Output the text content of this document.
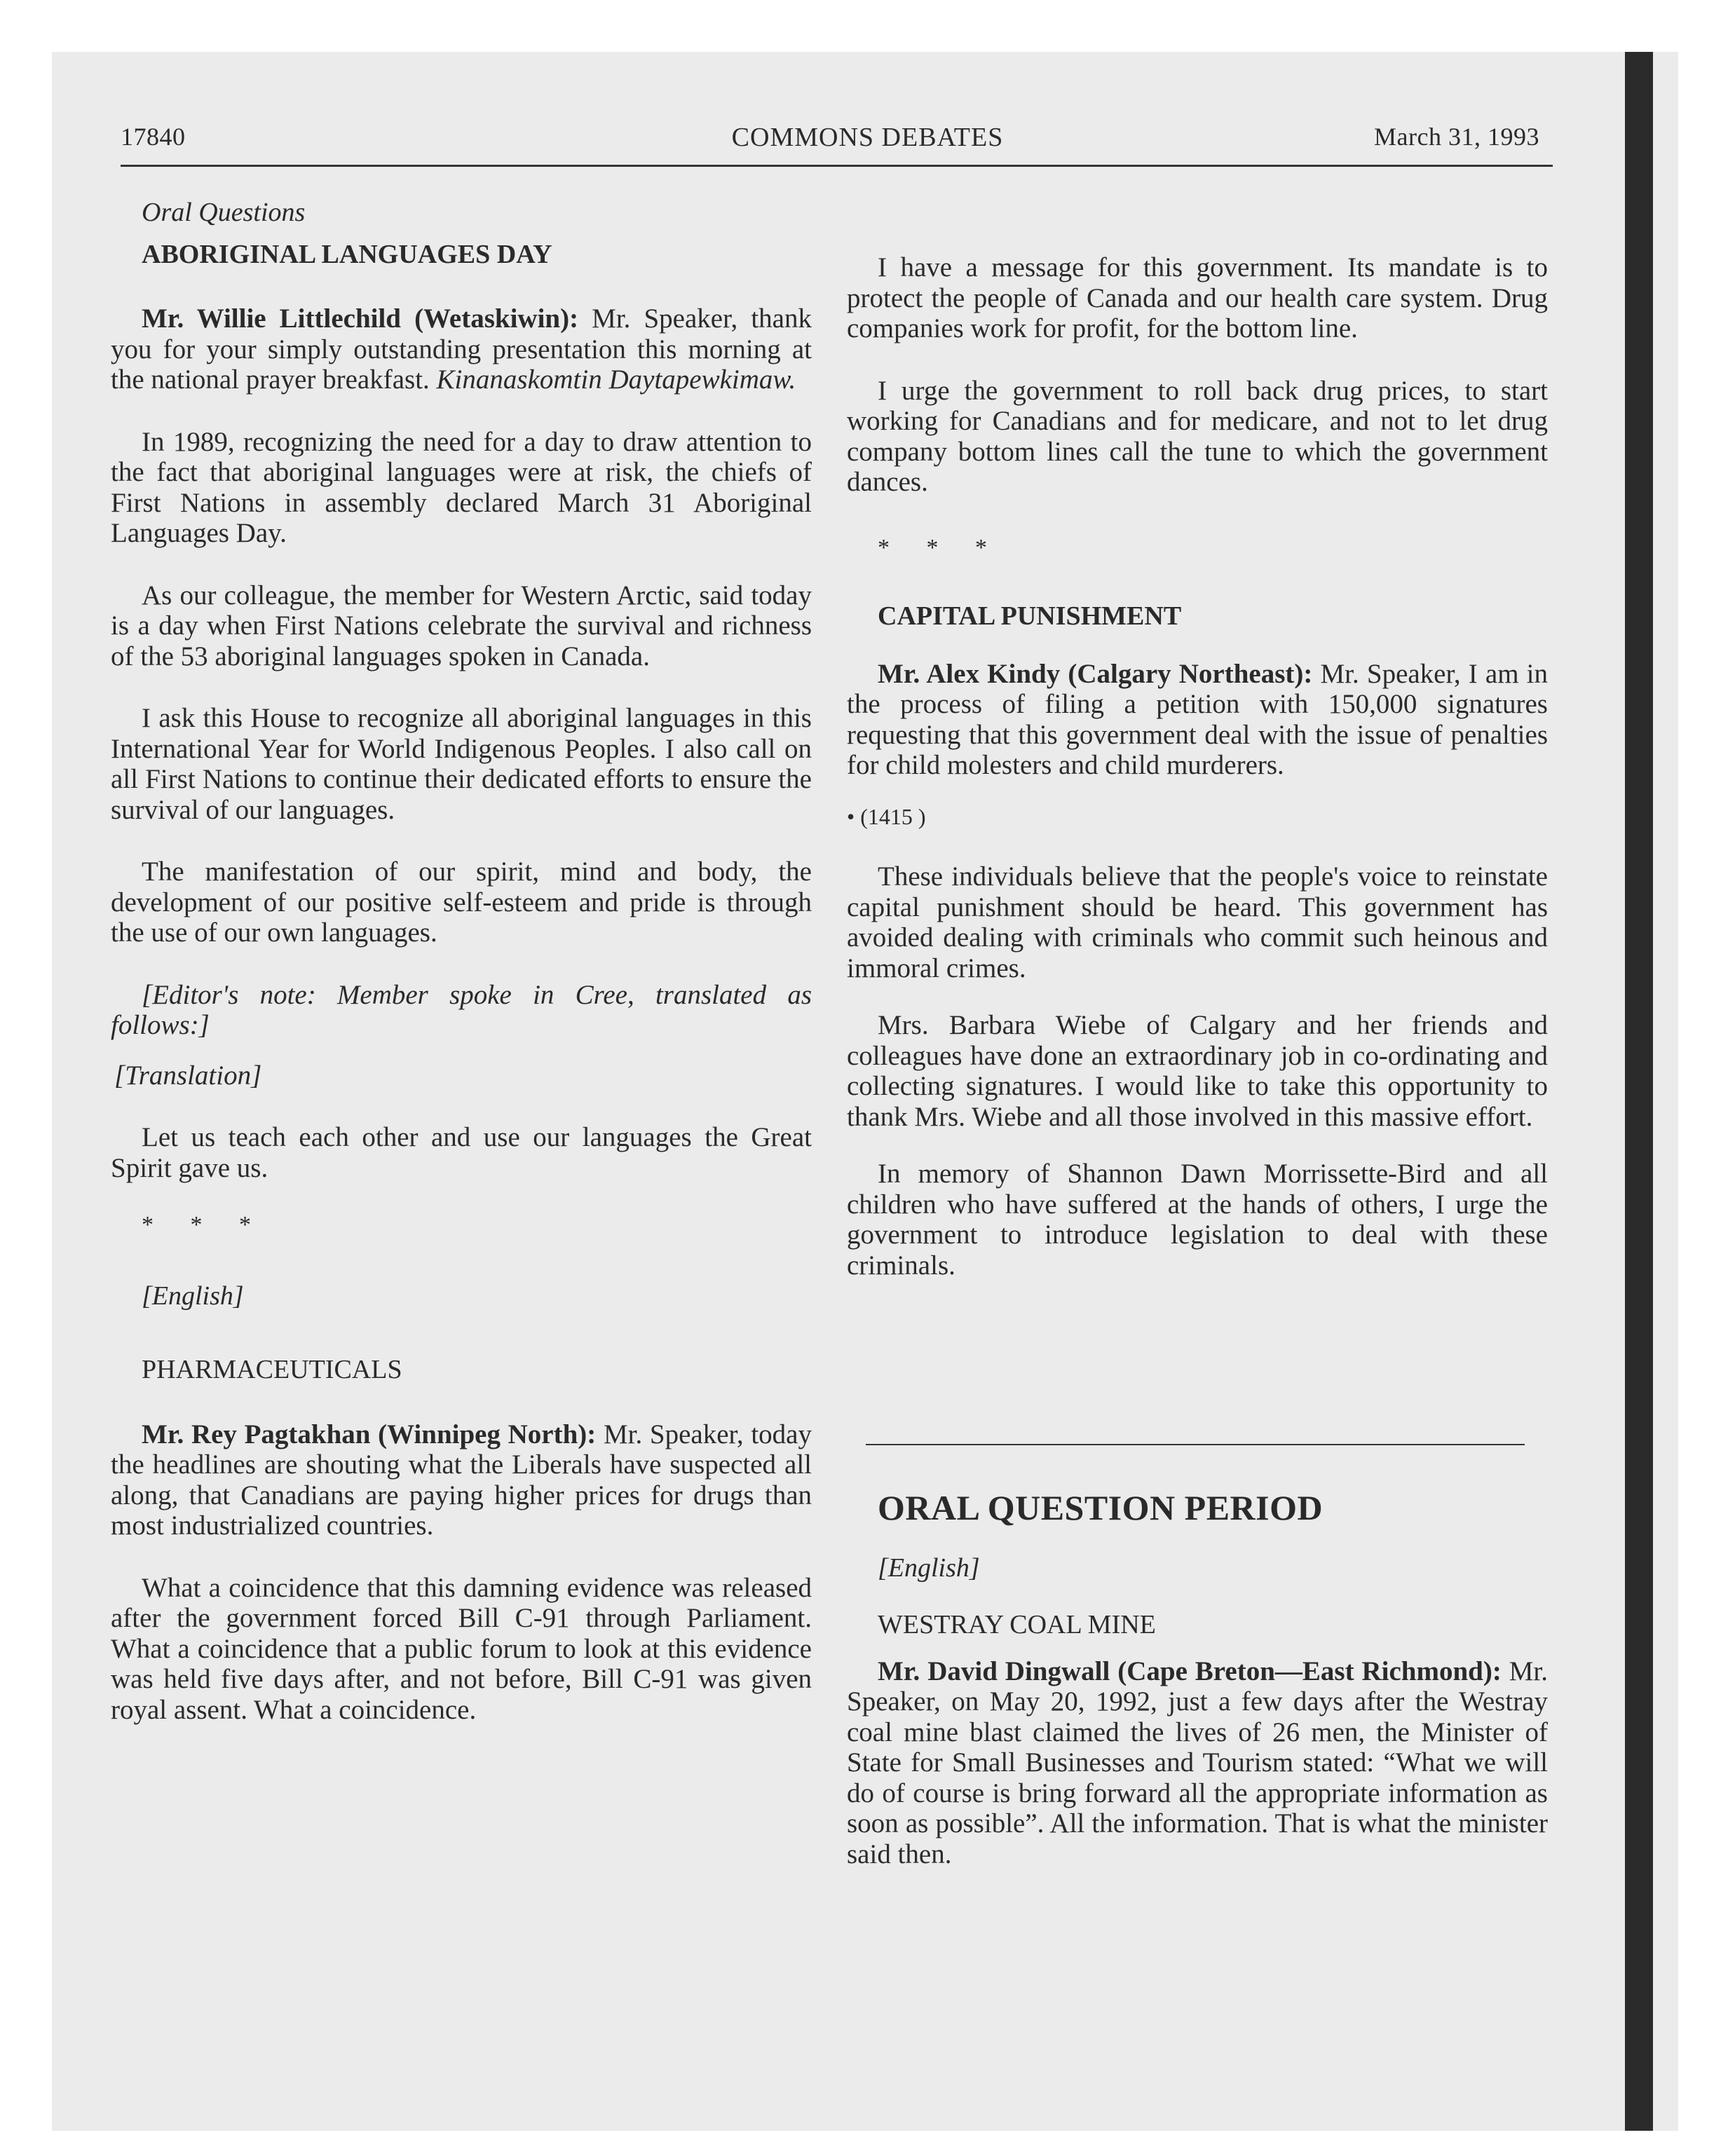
17840	COMMONS DEBATES	March 31, 1993

Oral Questions

ABORIGINAL LANGUAGES DAY

Mr. Willie Littlechild (Wetaskiwin): Mr. Speaker, thank you for your simply outstanding presentation this morning at the national prayer breakfast. Kinanaskomtin Daytapewkimaw.

In 1989, recognizing the need for a day to draw attention to the fact that aboriginal languages were at risk, the chiefs of First Nations in assembly declared March 31 Aboriginal Languages Day.

As our colleague, the member for Western Arctic, said today is a day when First Nations celebrate the survival and richness of the 53 aboriginal languages spoken in Canada.

I ask this House to recognize all aboriginal languages in this International Year for World Indigenous Peoples. I also call on all First Nations to continue their dedicated efforts to ensure the survival of our languages.

The manifestation of our spirit, mind and body, the development of our positive self-esteem and pride is through the use of our own languages.

[Editor's note: Member spoke in Cree, translated as follows:]

[Translation]

Let us teach each other and use our languages the Great Spirit gave us.

* * *

[English]

PHARMACEUTICALS

Mr. Rey Pagtakhan (Winnipeg North): Mr. Speaker, today the headlines are shouting what the Liberals have suspected all along, that Canadians are paying higher prices for drugs than most industrialized countries.

What a coincidence that this damning evidence was released after the government forced Bill C-91 through Parliament. What a coincidence that a public forum to look at this evidence was held five days after, and not before, Bill C-91 was given royal assent. What a coincidence.

I have a message for this government. Its mandate is to protect the people of Canada and our health care system. Drug companies work for profit, for the bottom line.

I urge the government to roll back drug prices, to start working for Canadians and for medicare, and not to let drug company bottom lines call the tune to which the government dances.

* * *

CAPITAL PUNISHMENT

Mr. Alex Kindy (Calgary Northeast): Mr. Speaker, I am in the process of filing a petition with 150,000 signatures requesting that this government deal with the issue of penalties for child molesters and child murderers.

• (1415 )

These individuals believe that the people's voice to reinstate capital punishment should be heard. This government has avoided dealing with criminals who commit such heinous and immoral crimes.

Mrs. Barbara Wiebe of Calgary and her friends and colleagues have done an extraordinary job in co-ordinating and collecting signatures. I would like to take this opportunity to thank Mrs. Wiebe and all those involved in this massive effort.

In memory of Shannon Dawn Morrissette-Bird and all children who have suffered at the hands of others, I urge the government to introduce legislation to deal with these criminals.

ORAL QUESTION PERIOD

[English]

WESTRAY COAL MINE

Mr. David Dingwall (Cape Breton—East Richmond): Mr. Speaker, on May 20, 1992, just a few days after the Westray coal mine blast claimed the lives of 26 men, the Minister of State for Small Businesses and Tourism stated: “What we will do of course is bring forward all the appropriate information as soon as possible”. All the information. That is what the minister said then.
